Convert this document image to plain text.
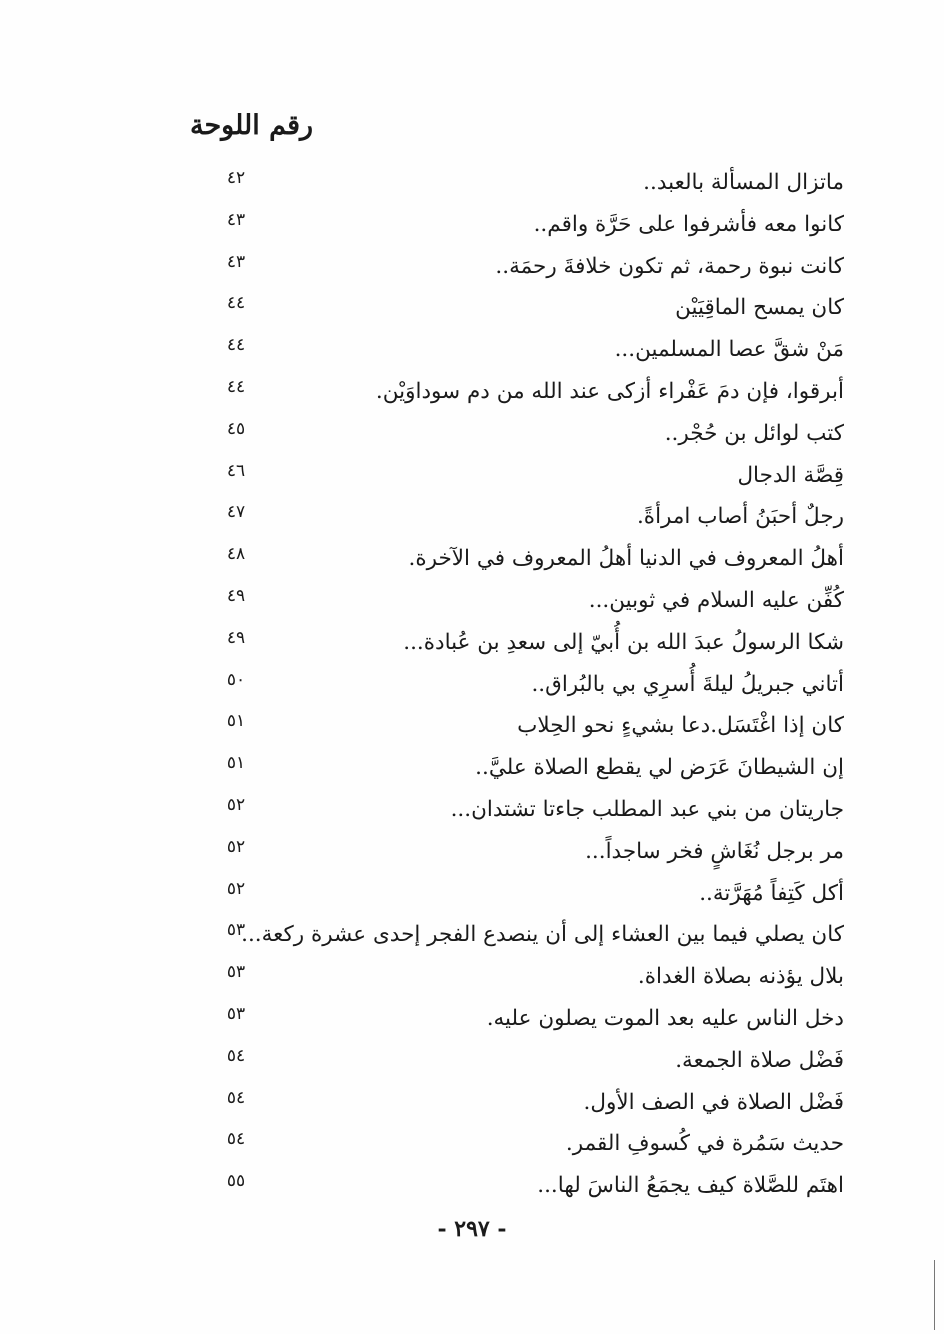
رقم اللوحة
ماتزال المسألة بالعبد..
٤٢
كانوا معه فأشرفوا على حَرَّة واقم..
٤٣
كانت نبوة رحمة، ثم تكون خلافةَ رحمَة..
٤٣
كان يمسح الماقِيَيْن
٤٤
مَنْ شقَّ عصا المسلمين...
٤٤
أبرقوا، فإن دمَ عَفْراء أزكى عند الله من دم سوداوَيْن.
٤٤
كتب لوائل بن حُجْر..
٤٥
قِصَّة الدجال
٤٦
رجلٌ أحبَنُ أصاب امرأةً.
٤٧
أهلُ المعروف في الدنيا أهلُ المعروف في الآخرة.
٤٨
كُفِّن عليه السلام في ثوبين...
٤٩
شكا الرسولُ عبدَ الله بن أُبيّ إلى سعدِ بن عُبادة...
٤٩
أتاني جبريلُ ليلةَ أُسرِي بي بالبُراق..
٥٠
كان إذا اغْتَسَل.دعا بشيءٍ نحو الحِلاب
٥١
إن الشيطانَ عَرَض لي يقطع الصلاة عليَّ..
٥١
جاريتان من بني عبد المطلب جاءتا تشتدان...
٥٢
مر برجل نُغَاشٍ فخر ساجداً...
٥٢
أكل كَتِفاً مُهَرَّتة..
٥٢
كان يصلي فيما بين العشاء إلى أن ينصدع الفجر إحدى عشرة ركعة...
٥٣
بلال يؤذنه بصلاة الغداة.
٥٣
دخل الناس عليه بعد الموت يصلون عليه.
٥٣
فَضْل صلاة الجمعة.
٥٤
فَضْل الصلاة في الصف الأول.
٥٤
حديث سَمُرة في كُسوفِ القمر.
٥٤
اهتَم للصَّلاة كيف يجمَعُ الناسَ لها...
٥٥
- ٢٩٧ -
